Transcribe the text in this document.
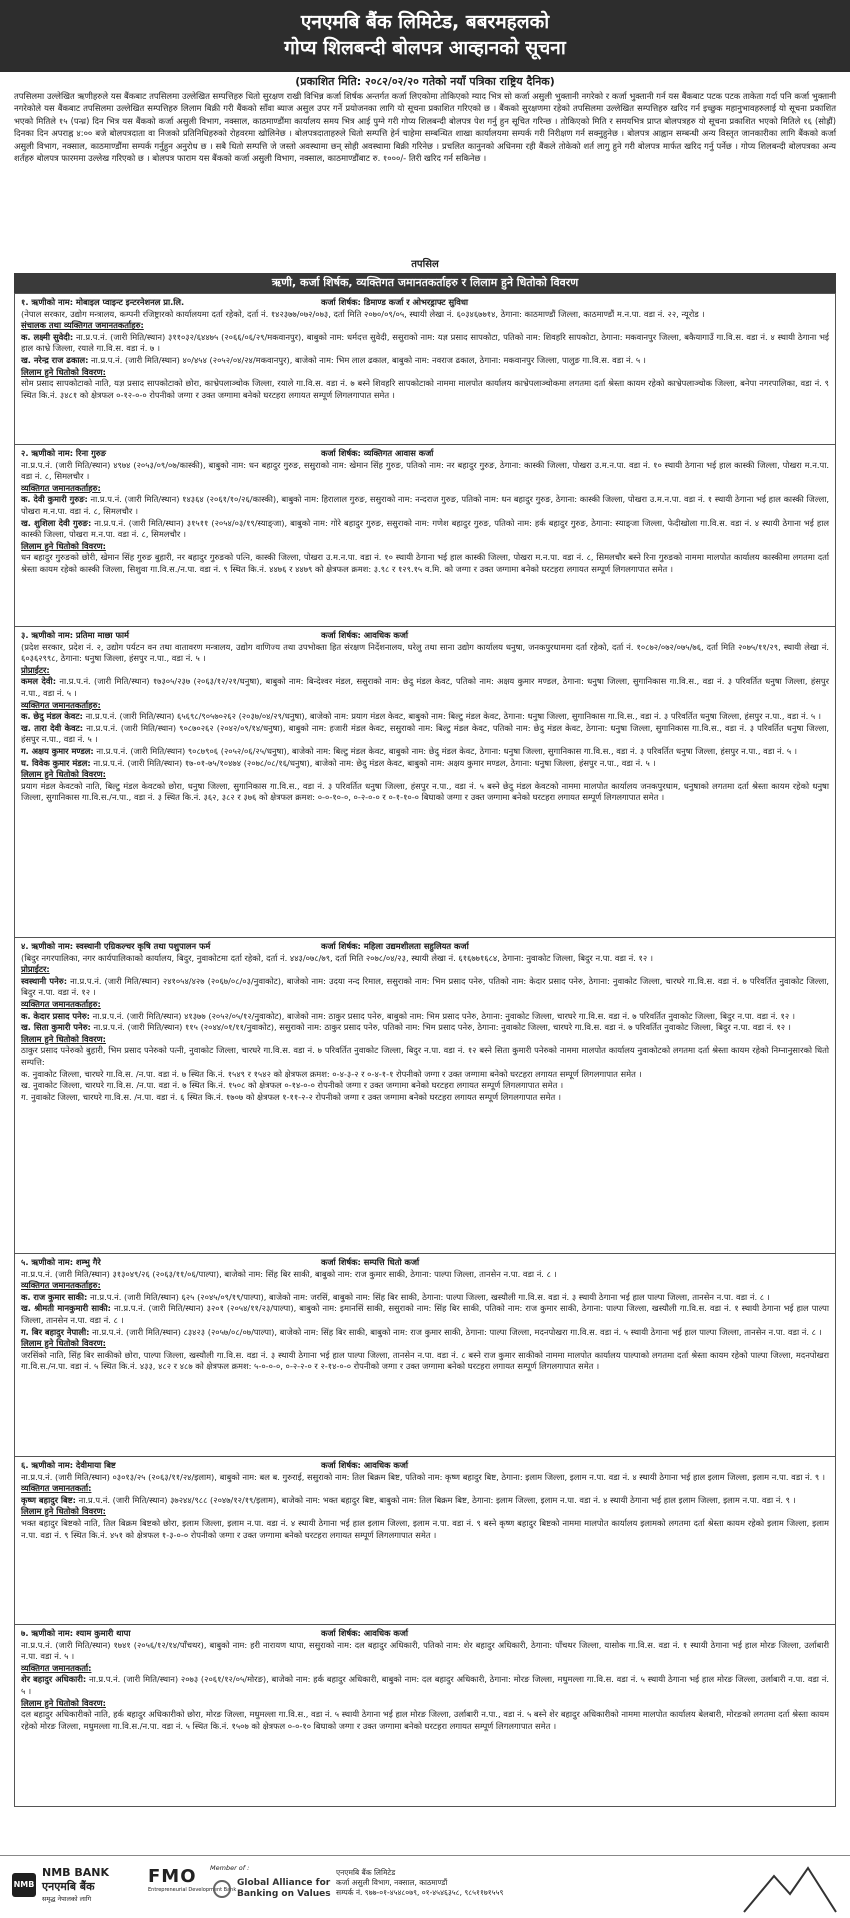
एनएमबि बैंक लिमिटेड, बबरमहलको
गोप्य शिलबन्दी बोलपत्र आव्हानको सूचना
(प्रकाशित मिति: २०८२/०२/२० गतेको नयाँ पत्रिका राष्ट्रिय दैनिक)
तपसिलमा उल्लेखित ऋणीहरुले यस बैंकबाट तपसिलमा उल्लेखित सम्पत्तिहरु धितो सुरक्षण राखी विभिन्न कर्जा शिर्षक अन्तर्गत कर्जा लिएकोमा तोकिएको म्याद भित्र सो कर्जा असुली भुक्तानी नगरेको र कर्जा भुक्तानी गर्न यस बैंकबाट पटक पटक ताकेता गर्दा पनि कर्जा भुक्तानी नगरेकोले यस बैंकबाट तपसिलमा उल्लेखित सम्पत्तिहरु लिलाम बिक्री गरी बैंकको साँवा ब्याज असुल उपर गर्ने प्रयोजनका लागि यो सूचना प्रकाशित गरिएको छ । बैंकको सुरक्षणमा रहेको तपसिलमा उल्लेखित सम्पत्तिहरु खरिद गर्न इच्छुक महानुभावहरुलाई यो सूचना प्रकाशित भएको मितिले १५ (पन्ध्र) दिन भित्र यस बैंकको कर्जा असुली विभाग, नक्साल, काठमाण्डौंमा कार्यालय समय भित्र आई पुग्ने गरी गोप्य शिलबन्दी बोलपत्र पेश गर्नु हुन सूचित गरिन्छ । तोकिएको मिति र समयभित्र प्राप्त बोलपत्रहरु यो सूचना प्रकाशित भएको मितिले १६ (सोह्रौं) दिनका दिन अपराह्न ४:०० बजे बोलपत्रदाता वा निजको प्रतिनिधिहरुको रोहवरमा खोलिनेछ । बोलपत्रदाताहरुले धितो सम्पत्ति हेर्न चाहेमा सम्बन्धित शाखा कार्यालयमा सम्पर्क गरी निरीक्षण गर्न सक्नुहुनेछ । बोलपत्र आह्वान सम्बन्धी अन्य विस्तृत जानकारीका लागि बैंकको कर्जा असुली विभाग, नक्साल, काठमाण्डौंमा सम्पर्क गर्नुहुन अनुरोध छ । सबै धितो सम्पत्ति जे जस्तो अवस्थामा छन् सोही अवस्थामा बिक्री गरिनेछ । प्रचलित कानुनको अधिनमा रही बैंकले तोकेको शर्त लागु हुने गरी बोलपत्र मार्फत खरिद गर्नु पर्नेछ । गोप्य शिलबन्दी बोलपत्रका अन्य शर्तहरु बोलपत्र फारममा उल्लेख गरिएको छ । बोलपत्र फाराम यस बैंकको कर्जा असुली विभाग, नक्साल, काठमाण्डौंबाट रु. १०००/- तिरी खरिद गर्न सकिनेछ ।
तपसिल
ऋणी, कर्जा शिर्षक, व्यक्तिगत जमानतकर्ताहरु र लिलाम हुने धितोको विवरण
१. ऋणीको नाम: मोबाइल प्वाइन्ट इन्टरनेशनल प्रा.लि.	कर्जा शिर्षक: डिमाण्ड कर्जा र ओभरड्राफ्ट सुविधा

(नेपाल सरकार, उद्योग मन्त्रालय, कम्पनी रजिष्ट्रारको कार्यालयमा दर्ता रहेको, दर्ता नं. १४२३७७/०७२/०७३, दर्ता मिति २०७०/०९/०५, स्थायी लेखा नं. ६०३४६७७१४, ठेगाना: काठमाण्डौं जिल्ला, काठमाण्डौं म.न.पा. वडा नं. २२, न्यूरोड ।

संचालक तथा व्यक्तिगत जमानतकर्ताहरु:

क. लक्ष्मी सुवेदी: ना.प्र.प.नं. (जारी मिति/स्थान) ३११०३२/६४४७५ (२०६६/०६/२९/मकवानपुर), बाबुको नाम: धर्मदत्त सुवेदी, ससुराको नाम: यज्ञ प्रसाद सापकोटा, पतिको नाम: शिवहरि सापकोटा, ठेगाना: मकवानपुर जिल्ला, बकैयागाउँ गा.वि.स. वडा नं. ४ स्थायी ठेगाना भई हाल काभ्रे जिल्ला, रयाले गा.वि.स. वडा नं. ७ ।

ख. नरेन्द्र राज ढकाल: ना.प्र.प.नं. (जारी मिति/स्थान) ४०/४५४ (२०५२/०४/२४/मकवानपुर), बाजेको नाम: भिम लाल ढकाल, बाबुको नाम: नवराज ढकाल, ठेगाना: मकवानपुर जिल्ला, पालुङ गा.वि.स. वडा नं. ५ ।

लिलाम हुने धितोको विवरण:

सोम प्रसाद सापकोटाको नाति, यज्ञ प्रसाद सापकोटाको छोरा, काभ्रेपलाञ्चोक जिल्ला, रयाले गा.वि.स. वडा नं. ७ बस्ने शिवहरि सापकोटाको नाममा मालपोत कार्यालय काभ्रेपलाञ्चोकमा लगतमा दर्ता श्रेस्ता कायम रहेको काभ्रेपलाञ्चोक जिल्ला, बनेपा नगरपालिका, वडा नं. ९ स्थित कि.नं. ३४८१ को क्षेत्रफल ०-१२-०-० रोपनीको जग्गा र उक्त जग्गामा बनेको घरटहरा लगायत सम्पूर्ण लिगलगापात समेत ।

२. ऋणीको नाम: रिना गुरुङ	कर्जा शिर्षक: व्यक्तिगत आवास कर्जा

ना.प्र.प.नं. (जारी मिति/स्थान) ४९७४ (२०५३/०९/०७/कास्की), बाबुको नाम: धन बहादुर गुरुङ, ससुराको नाम: खेमान सिंह गुरुङ, पतिको नाम: नर बहादुर गुरुङ, ठेगाना: कास्की जिल्ला, पोखरा उ.म.न.पा. वडा नं. १० स्थायी ठेगाना भई हाल कास्की जिल्ला, पोखरा म.न.पा. वडा नं. ८, सिमलचौर ।

व्यक्तिगत जमानतकर्ताहरु:

क. देवी कुमारी गुरुङ: ना.प्र.प.नं. (जारी मिति/स्थान) १४३६४ (२०६१/१०/२६/कास्की), बाबुको नाम: हिरालाल गुरुङ, ससुराको नाम: नन्दराज गुरुङ, पतिको नाम: धन बहादुर गुरुङ, ठेगाना: कास्की जिल्ला, पोखरा उ.म.न.पा. वडा नं. १ स्थायी ठेगाना भई हाल कास्की जिल्ला, पोखरा म.न.पा. वडा नं. ८, सिमलचौर ।

ख. शुशिला देवी गुरुङ: ना.प्र.प.नं. (जारी मिति/स्थान) ३१५११ (२०५४/०३/१९/स्याङ्जा), बाबुको नाम: गोरे बहादुर गुरुङ, ससुराको नाम: गणेश बहादुर गुरुङ, पतिको नाम: हर्क बहादुर गुरुङ, ठेगाना: स्याङ्जा जिल्ला, फेदीखोला गा.वि.स. वडा नं. ४ स्थायी ठेगाना भई हाल कास्की जिल्ला, पोखरा म.न.पा. वडा नं. ८, सिमलचौर ।

लिलाम हुने धितोको विवरण:

धन बहादुर गुरुङको छोरी, खेमान सिंह गुरुङ बुहारी, नर बहादुर गुरुङको पत्नि, कास्की जिल्ला, पोखरा उ.म.न.पा. वडा नं. १० स्थायी ठेगाना भई हाल कास्की जिल्ला, पोखरा म.न.पा. वडा नं. ८, सिमलचौर बस्ने रिना गुरुङको नाममा मालपोत कार्यालय कास्कीमा लगतमा दर्ता श्रेस्ता कायम रहेको कास्की जिल्ला, सिशुवा गा.वि.स./न.पा. वडा नं. ९ स्थित कि.नं. ४४७६ र ४४७९ को क्षेत्रफल क्रमश: ३.९८ र १२९.१५ व.मि. को जग्गा र उक्त जग्गामा बनेको घरटहरा लगायत सम्पूर्ण लिगलगापात समेत ।

३. ऋणीको नाम: प्रतिमा माछा फार्म	कर्जा शिर्षक: आवधिक कर्जा

(प्रदेश सरकार, प्रदेश नं. २, उद्योग पर्यटन वन तथा वातावरण मन्त्रालय, उद्योग वाणिज्य तथा उपभोक्ता हित संरक्षण निर्देशनालय, घरेलु तथा साना उद्योग कार्यालय धनुषा, जनकपुरधाममा दर्ता रहेको, दर्ता नं. १०८७२/०७२/०७५/७६, दर्ता मिति २०७५/११/२९, स्थायी लेखा नं. ६०३६२९९८, ठेगाना: धनुषा जिल्ला, हंसपुर न.पा., वडा नं. ५ ।

प्रोप्राईटर:

कमल देवी: ना.प्र.प.नं. (जारी मिति/स्थान) १७३०५/२३७ (२०६३/१२/२१/धनुषा), बाबुको नाम: बिन्देश्वर मंडल, ससुराको नाम: छेदु मंडल केवट, पतिको नाम: अक्षय कुमार मण्डल, ठेगाना: धनुषा जिल्ला, सुगानिकास गा.वि.स., वडा नं. ३ परिवर्तित धनुषा जिल्ला, हंसपुर न.पा., वडा नं. ५ ।

व्यक्तिगत जमानतकर्ताहरु:

क. छेदु मंडल केवट: ना.प्र.प.नं. (जारी मिति/स्थान) ६५६९८/९०५७०२६२ (२०३७/०४/२९/धनुषा), बाजेको नाम: प्रयाग मंडल केवट, बाबुको नाम: बिल्टु मंडल केवट, ठेगाना: धनुषा जिल्ला, सुगानिकास गा.वि.स., वडा नं. ३ परिवर्तित धनुषा जिल्ला, हंसपुर न.पा., वडा नं. ५ ।

ख. तारा देवी केवट: ना.प्र.प.नं. (जारी मिति/स्थान) ९०८७०२६२ (२०४२/०९/१४/धनुषा), बाबुको नाम: हजारी मंडल केवट, ससुराको नाम: बिल्टु मंडल केवट, पतिको नाम: छेदु मंडल केवट, ठेगाना: धनुषा जिल्ला, सुगानिकास गा.वि.स., वडा नं. ३ परिवर्तित धनुषा जिल्ला, हंसपुर न.पा., वडा नं. ५ ।

ग. अक्षय कुमार मण्डल: ना.प्र.प.नं. (जारी मिति/स्थान) ९०८७९०६ (२०५२/०६/२५/धनुषा), बाजेको नाम: बिल्टु मंडल केवट, बाबुको नाम: छेदु मंडल केवट, ठेगाना: धनुषा जिल्ला, सुगानिकास गा.वि.स., वडा नं. ३ परिवर्तित धनुषा जिल्ला, हंसपुर न.पा., वडा नं. ५ ।

घ. विवेक कुमार मंडल: ना.प्र.प.नं. (जारी मिति/स्थान) १७-०१-७५/१०४७४ (२०७८/०८/१६/धनुषा), बाजेको नाम: छेदु मंडल केवट, बाबुको नाम: अक्षय कुमार मण्डल, ठेगाना: धनुषा जिल्ला, हंसपुर न.पा., वडा नं. ५ ।

लिलाम हुने धितोको विवरण:

प्रयाग मंडल केवटको नाति, बिल्टु मंडल केवटको छोरा, धनुषा जिल्ला, सुगानिकास गा.वि.स., वडा नं. ३ परिवर्तित धनुषा जिल्ला, हंसपुर न.पा., वडा नं. ५ बस्ने छेदु मंडल केवटको नाममा मालपोत कार्यालय जनकपुरधाम, धनुषाको लगतमा दर्ता श्रेस्ता कायम रहेको धनुषा जिल्ला, सुगानिकास गा.वि.स./न.पा., वडा नं. ३ स्थित कि.नं. ३६२, ३८२ र ३७६ को क्षेत्रफल क्रमश: ०-०-१०-०, ०-२-०-० र ०-१-१०-० बिघाको जग्गा र उक्त जग्गामा बनेको घरटहरा लगायत सम्पूर्ण लिगलगापात समेत ।

४. ऋणीको नाम: स्वस्थानी एग्रिकल्चर कृषि तथा पशुपालन फर्म	कर्जा शिर्षक: महिला उद्यमशीलता सहुलियत कर्जा

(बिदुर नगरपालिका, नगर कार्यपालिकाको कार्यालय, बिदुर, नुवाकोटमा दर्ता रहेको, दर्ता नं. ४४३/०७८/७९, दर्ता मिति २०७८/०४/२३, स्थायी लेखा नं. ६१६७७१६८४, ठेगाना: नुवाकोट जिल्ला, बिदुर न.पा. वडा नं. १२ ।

प्रोप्राईटर:

स्वस्थानी पनेरु: ना.प्र.प.नं. (जारी मिति/स्थान) २४१०५४/४२७ (२०६७/०८/०३/नुवाकोट), बाजेको नाम: उदया नन्द रिमाल, ससुराको नाम: भिम प्रसाद पनेरु, पतिको नाम: केदार प्रसाद पनेरु, ठेगाना: नुवाकोट जिल्ला, चारघरे गा.वि.स. वडा नं. ७ परिवर्तित नुवाकोट जिल्ला, बिदुर न.पा. वडा नं. १२ ।

व्यक्तिगत जमानतकर्ताहरु:

क. केदार प्रसाद पनेरु: ना.प्र.प.नं. (जारी मिति/स्थान) ४१३७७ (२०५२/०५/१२/नुवाकोट), बाजेको नाम: ठाकुर प्रसाद पनेरु, बाबुको नाम: भिम प्रसाद पनेरु, ठेगाना: नुवाकोट जिल्ला, चारघरे गा.वि.स. वडा नं. ७ परिवर्तित नुवाकोट जिल्ला, बिदुर न.पा. वडा नं. १२ ।

ख. सिता कुमारी पनेरु: ना.प्र.प.नं. (जारी मिति/स्थान) ११५ (२०४४/०१/११/नुवाकोट), ससुराको नाम: ठाकुर प्रसाद पनेरु, पतिको नाम: भिम प्रसाद पनेरु, ठेगाना: नुवाकोट जिल्ला, चारघरे गा.वि.स. वडा नं. ७ परिवर्तित नुवाकोट जिल्ला, बिदुर न.पा. वडा नं. १२ ।

लिलाम हुने धितोको विवरण:

ठाकुर प्रसाद पनेरुको बुहारी, भिम प्रसाद पनेरुको पत्नी, नुवाकोट जिल्ला, चारघरे गा.वि.स. वडा नं. ७ परिवर्तित नुवाकोट जिल्ला, बिदुर न.पा. वडा नं. १२ बस्ने सिता कुमारी पनेरुको नाममा मालपोत कार्यालय नुवाकोटको लगतमा दर्ता श्रेस्ता कायम रहेको निम्नानुसारको धितो सम्पत्ति:

क. नुवाकोट जिल्ला, चारघरे गा.वि.स. /न.पा. वडा नं. ७ स्थित कि.नं. १५४९ र १५४२ को क्षेत्रफल क्रमश: ०-४-३-२ र ०-४-१-१ रोपनीको जग्गा र उक्त जग्गामा बनेको घरटहरा लगायत सम्पूर्ण लिगलगापात समेत ।

ख. नुवाकोट जिल्ला, चारघरे गा.वि.स. /न.पा. वडा नं. ७ स्थित कि.नं. १५०८ को क्षेत्रफल ०-१४-०-० रोपनीको जग्गा र उक्त जग्गामा बनेको घरटहरा लगायत सम्पूर्ण लिगलगापात समेत ।

ग. नुवाकोट जिल्ला, चारघरे गा.वि.स. /न.पा. वडा नं. ६ स्थित कि.नं. १७०७ को क्षेत्रफल १-११-२-२ रोपनीको जग्गा र उक्त जग्गामा बनेको घरटहरा लगायत सम्पूर्ण लिगलगापात समेत ।

५. ऋणीको नाम: शम्भु गैरे	कर्जा शिर्षक: सम्पत्ति धितो कर्जा

ना.प्र.प.नं. (जारी मिति/स्थान) ३१३०४९/२६ (२०६३/११/०६/पाल्पा), बाजेको नाम: सिंह बिर साकी, बाबुको नाम: राज कुमार साकी, ठेगाना: पाल्पा जिल्ला, तानसेन न.पा. वडा नं. ८ ।

व्यक्तिगत जमानतकर्ताहरु:

क. राज कुमार साकी: ना.प्र.प.नं. (जारी मिति/स्थान) ६२५ (२०४५/०९/१९/पाल्पा), बाजेको नाम: जरसिं, बाबुको नाम: सिंह बिर साकी, ठेगाना: पाल्पा जिल्ला, खस्यौली गा.वि.स. वडा नं. ३ स्थायी ठेगाना भई हाल पाल्पा जिल्ला, तानसेन न.पा. वडा नं. ८ ।

ख. श्रीमती मानकुमारी साकी: ना.प्र.प.नं. (जारी मिति/स्थान) ३२०१ (२०५४/११/२३/पाल्पा), बाबुको नाम: इमानसिं साकी, ससुराको नाम: सिंह बिर साकी, पतिको नाम: राज कुमार साकी, ठेगाना: पाल्पा जिल्ला, खस्यौली गा.वि.स. वडा नं. १ स्थायी ठेगाना भई हाल पाल्पा जिल्ला, तानसेन न.पा. वडा नं. ८ ।

ग. बिर बहादुर नेपाली: ना.प्र.प.नं. (जारी मिति/स्थान) ८३४२३ (२०५७/०८/०७/पाल्पा), बाजेको नाम: सिंह बिर साकी, बाबुको नाम: राज कुमार साकी, ठेगाना: पाल्पा जिल्ला, मदनपोखरा गा.वि.स. वडा नं. ५ स्थायी ठेगाना भई हाल पाल्पा जिल्ला, तानसेन न.पा. वडा नं. ८ ।

लिलाम हुने धितोको विवरण:

जरसिंको नाति, सिंह बिर साकीको छोरा, पाल्पा जिल्ला, खस्यौली गा.वि.स. वडा नं. ३ स्थायी ठेगाना भई हाल पाल्पा जिल्ला, तानसेन न.पा. वडा नं. ८ बस्ने राज कुमार साकीको नाममा मालपोत कार्यालय पाल्पाको लगतमा दर्ता श्रेस्ता कायम रहेको पाल्पा जिल्ला, मदनपोखरा गा.वि.स./न.पा. वडा नं. ५ स्थित कि.नं. ४३३, ४८२ र ४८७ को क्षेत्रफल क्रमश: ५-०-०-०, ०-२-२-० र २-१४-०-० रोपनीको जग्गा र उक्त जग्गामा बनेको घरटहरा लगायत सम्पूर्ण लिगलगापात समेत ।

६. ऋणीको नाम: देवीमाया बिष्ट	कर्जा शिर्षक: आवधिक कर्जा

ना.प्र.प.नं. (जारी मिति/स्थान) ०३०१३/२५ (२०६३/११/२४/इलाम), बाबुको नाम: बल ब. गुरुराई, ससुराको नाम: तिल बिक्रम बिष्ट, पतिको नाम: कृष्ण बहादुर बिष्ट, ठेगाना: इलाम जिल्ला, इलाम न.पा. वडा नं. ४ स्थायी ठेगाना भई हाल इलाम जिल्ला, इलाम न.पा. वडा नं. ९ ।

व्यक्तिगत जमानतकर्ता:

कृष्ण बहादुर बिष्ट: ना.प्र.प.नं. (जारी मिति/स्थान) ३७२४४/९८८ (२०४७/१२/१९/इलाम), बाजेको नाम: भक्त बहादुर बिष्ट, बाबुको नाम: तिल बिक्रम बिष्ट, ठेगाना: इलाम जिल्ला, इलाम न.पा. वडा नं. ४ स्थायी ठेगाना भई हाल इलाम जिल्ला, इलाम न.पा. वडा नं. ९ ।

लिलाम हुने धितोको विवरण:

भक्त बहादुर बिष्टको नाति, तिल बिक्रम बिष्टको छोरा, इलाम जिल्ला, इलाम न.पा. वडा नं. ४ स्थायी ठेगाना भई हाल इलाम जिल्ला, इलाम न.पा. वडा नं. ९ बस्ने कृष्ण बहादुर बिष्टको नाममा मालपोत कार्यालय इलामको लगतमा दर्ता श्रेस्ता कायम रहेको इलाम जिल्ला, इलाम न.पा. वडा नं. ९ स्थित कि.नं. ४५१ को क्षेत्रफल १-३-०-० रोपनीको जग्गा र उक्त जग्गामा बनेको घरटहरा लगायत सम्पूर्ण लिगलगापात समेत ।

७. ऋणीको नाम: श्याम कुमारी थापा	कर्जा शिर्षक: आवधिक कर्जा

ना.प्र.प.नं. (जारी मिति/स्थान) १७४१ (२०५६/१२/१४/पाँचथर), बाबुको नाम: हरी नारायण थापा, ससुराको नाम: दल बहादुर अधिकारी, पतिको नाम: शेर बहादुर अधिकारी, ठेगाना: पाँचथर जिल्ला, यासोक गा.वि.स. वडा नं. १ स्थायी ठेगाना भई हाल मोरङ जिल्ला, उर्लाबारी न.पा. वडा नं. ५ ।

व्यक्तिगत जमानतकर्ता:

शेर बहादुर अधिकारी: ना.प्र.प.नं. (जारी मिति/स्थान) २०७३ (२०६१/१२/०५/मोरङ), बाजेको नाम: हर्क बहादुर अधिकारी, बाबुको नाम: दल बहादुर अधिकारी, ठेगाना: मोरङ जिल्ला, मधुमल्ला गा.वि.स. वडा नं. ५ स्थायी ठेगाना भई हाल मोरङ जिल्ला, उर्लाबारी न.पा. वडा नं. ५ ।

लिलाम हुने धितोको विवरण:

दल बहादुर अधिकारीको नाति, हर्क बहादुर अधिकारीको छोरा, मोरङ जिल्ला, मधुमल्ला गा.वि.स., वडा नं. ५ स्थायी ठेगाना भई हाल मोरङ जिल्ला, उर्लाबारी न.पा., वडा नं. ५ बस्ने शेर बहादुर अधिकारीको नाममा मालपोत कार्यालय बेलबारी, मोरङको लगतमा दर्ता श्रेस्ता कायम रहेको मोरङ जिल्ला, मधुमल्ला गा.वि.स./न.पा. वडा नं. ५ स्थित कि.नं. १५०७ को क्षेत्रफल ०-०-१० बिघाको जग्गा र उक्त जग्गामा बनेको घरटहरा लगायत सम्पूर्ण लिगलगापात समेत ।

NMB
NMB BANK
एनएमबि बैंक
समृद्ध नेपालको लागि
FMO
Entrepreneurial Development Bank
Member of :
Global Alliance for Banking on Values
एनएमबि बैंक लिमिटेड
कर्जा असुली विभाग, नक्साल, काठमाण्डौं
सम्पर्क नं. ९७७-०१-४५४८०७९, ०१-४५४६३५८, ९८५११७१५५९
